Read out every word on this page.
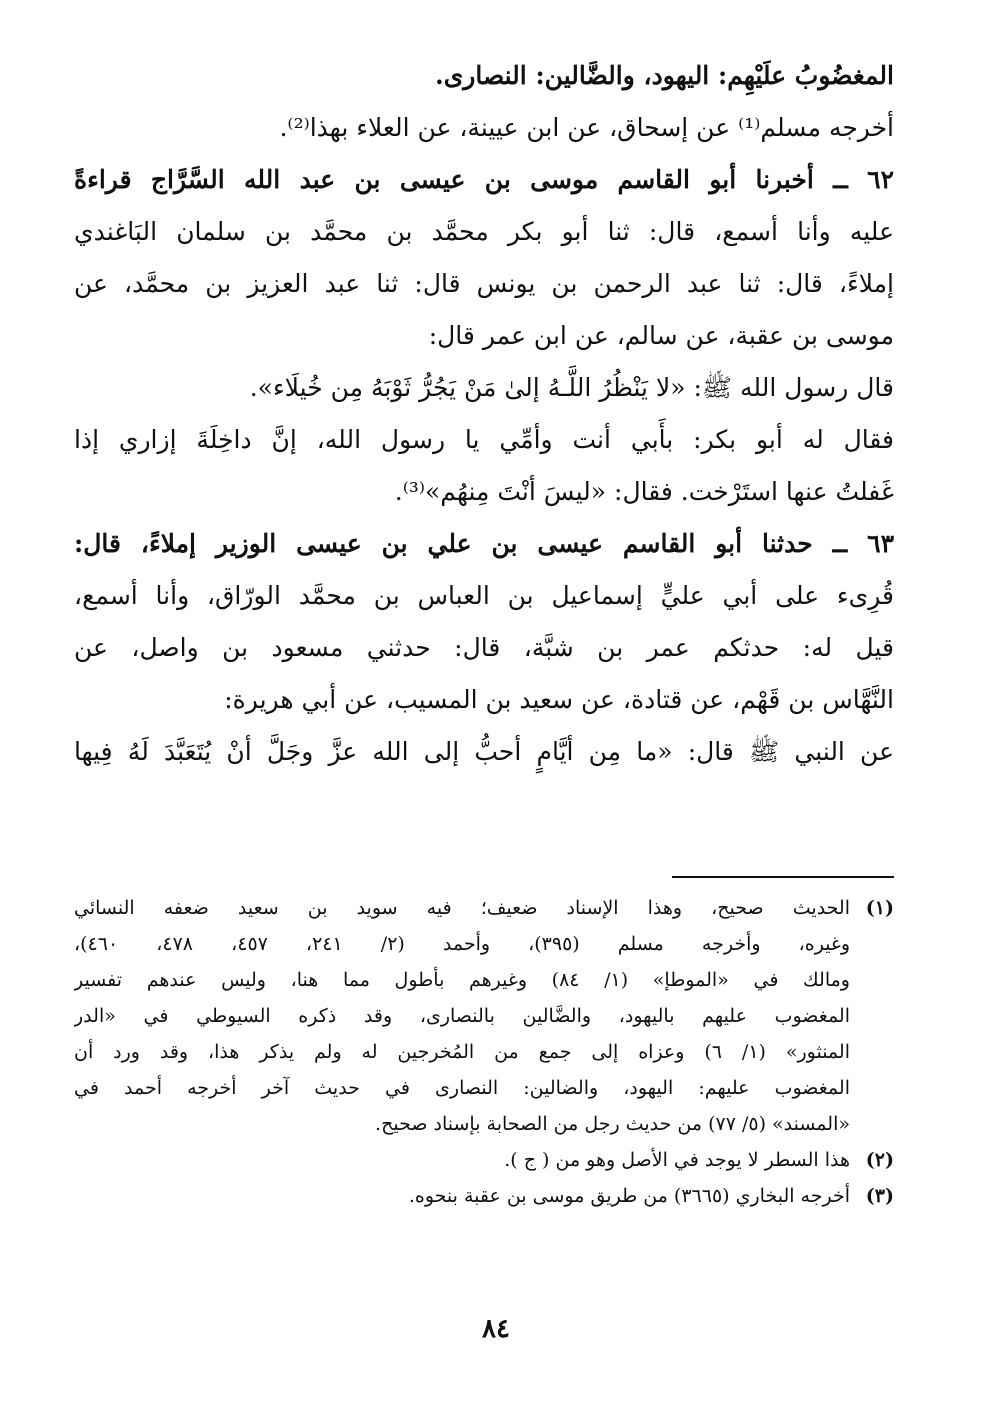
المغضُوبُ علَيْهِم: اليهود، والضَّالين: النصارى.
أخرجه مسلم⁽¹⁾ عن إسحاق، عن ابن عيينة، عن العلاء بهذا⁽²⁾.
٦٢ ــ أخبرنا أبو القاسم موسى بن عيسى بن عبد الله السَّرَّاج قراءةً
عليه وأنا أسمع، قال: ثنا أبو بكر محمَّد بن محمَّد بن سلمان البَاغندي
إملاءً، قال: ثنا عبد الرحمن بن يونس قال: ثنا عبد العزيز بن محمَّد، عن
موسى بن عقبة، عن سالم، عن ابن عمر قال:
قال رسول الله ﷺ: «لا يَنْظُرُ اللَّـهُ إلىٰ مَنْ يَجُرُّ ثَوْبَهُ مِن خُيلَاء».
فقال له أبو بكر: بأَبي أنت وأمِّي يا رسول الله، إنَّ داخِلَةَ إزاري إذا
غَفلتُ عنها استَرْخت. فقال: «ليسَ أنْتَ مِنهُم»⁽³⁾.
٦٣ ــ حدثنا أبو القاسم عيسى بن علي بن عيسى الوزير إملاءً، قال:
قُرِىء على أبي عليٍّ إسماعيل بن العباس بن محمَّد الورّاق، وأنا أسمع،
قيل له: حدثكم عمر بن شبَّة، قال: حدثني مسعود بن واصل، عن
النَّهَّاس بن قَهْم، عن قتادة، عن سعيد بن المسيب، عن أبي هريرة:
عن النبي ﷺ قال: «ما مِن أيَّامٍ أحبُّ إلى الله عزَّ وجَلَّ أنْ يُتَعَبَّدَ لَهُ فِيها
(١)
الحديث صحيح، وهذا الإسناد ضعيف؛ فيه سويد بن سعيد ضعفه النسائي
وغيره، وأخرجه مسلم (٣٩٥)، وأحمد (٢/ ٢٤١، ٤٥٧، ٤٧٨، ٤٦٠)،
ومالك في «الموطإ» (١/ ٨٤) وغيرهم بأطول مما هنا، وليس عندهم تفسير
المغضوب عليهم باليهود، والضَّالين بالنصارى، وقد ذكره السيوطي في «الدر
المنثور» (١/ ٦) وعزاه إلى جمع من المُخرجين له ولم يذكر هذا، وقد ورد أن
المغضوب عليهم: اليهود، والضالين: النصارى في حديث آخر أخرجه أحمد في
«المسند» (٥/ ٧٧) من حديث رجل من الصحابة بإسناد صحيح.
(٢)
هذا السطر لا يوجد في الأصل وهو من ( ج ).
(٣)
أخرجه البخاري (٣٦٦٥) من طريق موسى بن عقبة بنحوه.
٨٤
